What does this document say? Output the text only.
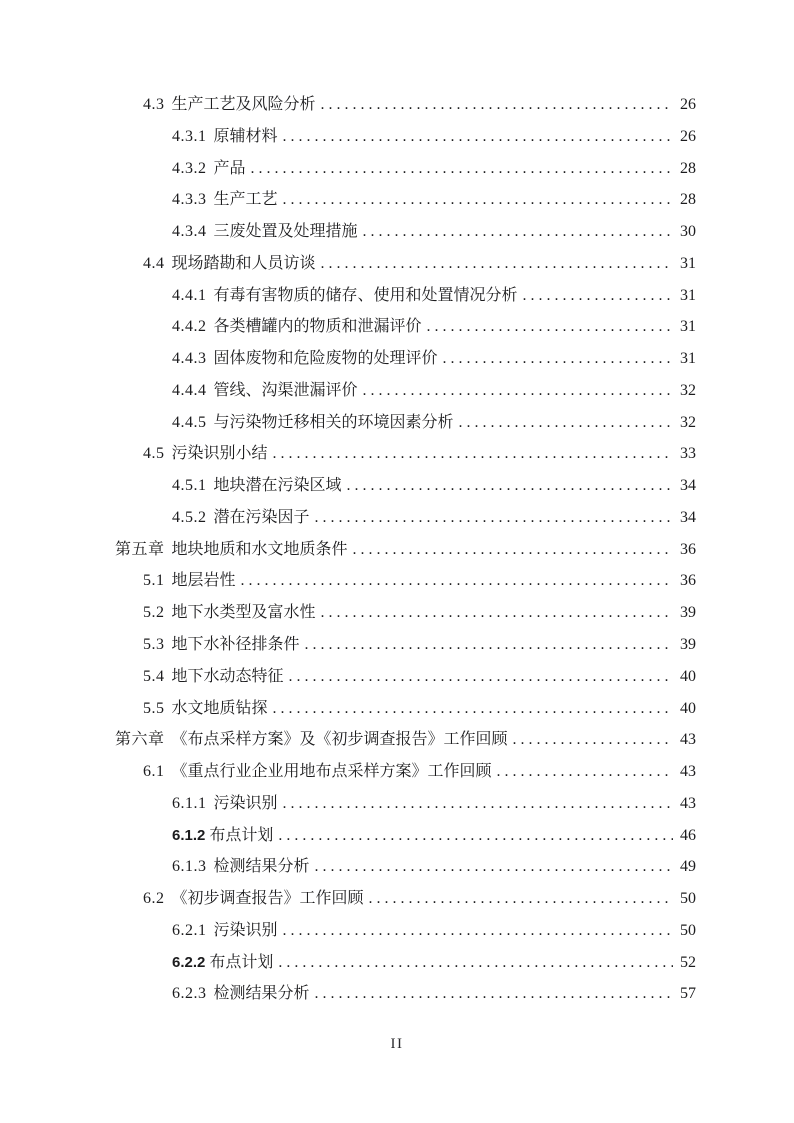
4.3 生产工艺及风险分析 .....	26
4.3.1 原辅材料 .....	26
4.3.2 产品 .....	28
4.3.3 生产工艺 .....	28
4.3.4 三废处置及处理措施 .....	30
4.4 现场踏勘和人员访谈 .....	31
4.4.1 有毒有害物质的储存、使用和处置情况分析 .....	31
4.4.2 各类槽罐内的物质和泄漏评价 .....	31
4.4.3 固体废物和危险废物的处理评价 .....	31
4.4.4 管线、沟渠泄漏评价 .....	32
4.4.5 与污染物迁移相关的环境因素分析 .....	32
4.5 污染识别小结 .....	33
4.5.1 地块潜在污染区域 .....	34
4.5.2 潜在污染因子 .....	34
第五章 地块地质和水文地质条件 .....	36
5.1 地层岩性 .....	36
5.2 地下水类型及富水性 .....	39
5.3 地下水补径排条件 .....	39
5.4 地下水动态特征 .....	40
5.5 水文地质钻探 .....	40
第六章 《布点采样方案》及《初步调查报告》工作回顾 .....	43
6.1 《重点行业企业用地布点采样方案》工作回顾 .....	43
6.1.1 污染识别 .....	43
6.1.2 布点计划 .....	46
6.1.3 检测结果分析 .....	49
6.2 《初步调查报告》工作回顾 .....	50
6.2.1 污染识别 .....	50
6.2.2 布点计划 .....	52
6.2.3 检测结果分析 .....	57
II
